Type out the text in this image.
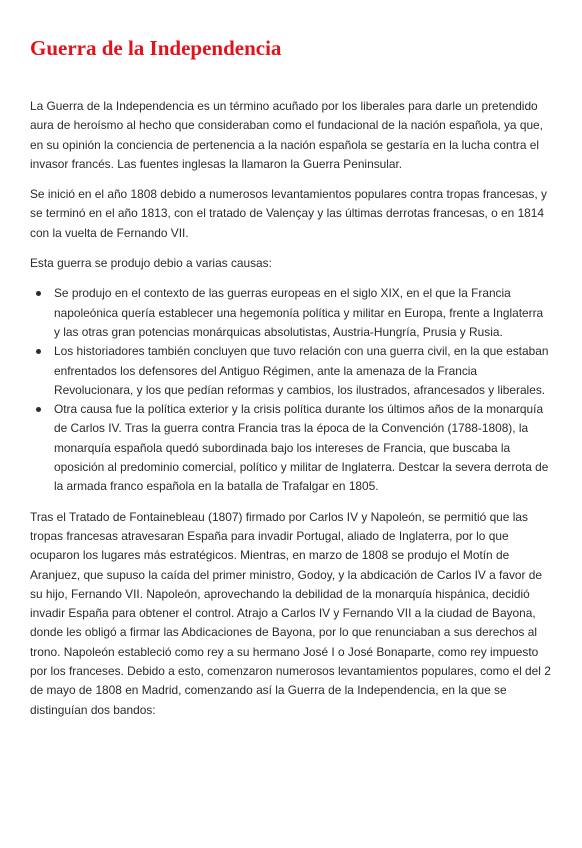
Guerra de la Independencia

La Guerra de la Independencia es un término acuñado por los liberales para darle un pretendido aura de heroísmo al hecho que consideraban como el fundacional de la nación española, ya que, en su opinión la conciencia de pertenencia a la nación española se gestaría en la lucha contra el invasor francés. Las fuentes inglesas la llamaron la Guerra Peninsular.

Se inició en el año 1808 debido a numerosos levantamientos populares contra tropas francesas, y se terminó en el año 1813, con el tratado de Valençay y las últimas derrotas francesas, o en 1814 con la vuelta de Fernando VII.

Esta guerra se produjo debio a varias causas:

Se produjo en el contexto de las guerras europeas en el siglo XIX, en el que la Francia napoleónica quería establecer una hegemonía política y militar en Europa, frente a Inglaterra y las otras gran potencias monárquicas absolutistas, Austria-Hungría, Prusia y Rusia.
Los historiadores también concluyen que tuvo relación con una guerra civil, en la que estaban enfrentados los defensores del Antiguo Régimen, ante la amenaza de la Francia Revolucionara, y los que pedían reformas y cambios, los ilustrados, afrancesados y liberales.
Otra causa fue la política exterior y la crisis política durante los últimos años de la monarquía de Carlos IV. Tras la guerra contra Francia tras la época de la Convención (1788-1808), la monarquía española quedó subordinada bajo los intereses de Francia, que buscaba la oposición al predominio comercial, político y militar de Inglaterra. Destcar la severa derrota de la armada franco española en la batalla de Trafalgar en 1805.

Tras el Tratado de Fontainebleau (1807) firmado por Carlos IV y Napoleón, se permitió que las tropas francesas atravesaran España para invadir Portugal, aliado de Inglaterra, por lo que ocuparon los lugares más estratégicos. Mientras, en marzo de 1808 se produjo el Motín de Aranjuez, que supuso la caída del primer ministro, Godoy, y la abdicación de Carlos IV a favor de su hijo, Fernando VII. Napoleón, aprovechando la debilidad de la monarquía hispánica, decidió invadir España para obtener el control. Atrajo a Carlos IV y Fernando VII a la ciudad de Bayona, donde les obligó a firmar las Abdicaciones de Bayona, por lo que renunciaban a sus derechos al trono. Napoleón estableció como rey a su hermano José I o José Bonaparte, como rey impuesto por los franceses. Debido a esto, comenzaron numerosos levantamientos populares, como el del 2 de mayo de 1808 en Madrid, comenzando así la Guerra de la Independencia, en la que se distinguían dos bandos:
